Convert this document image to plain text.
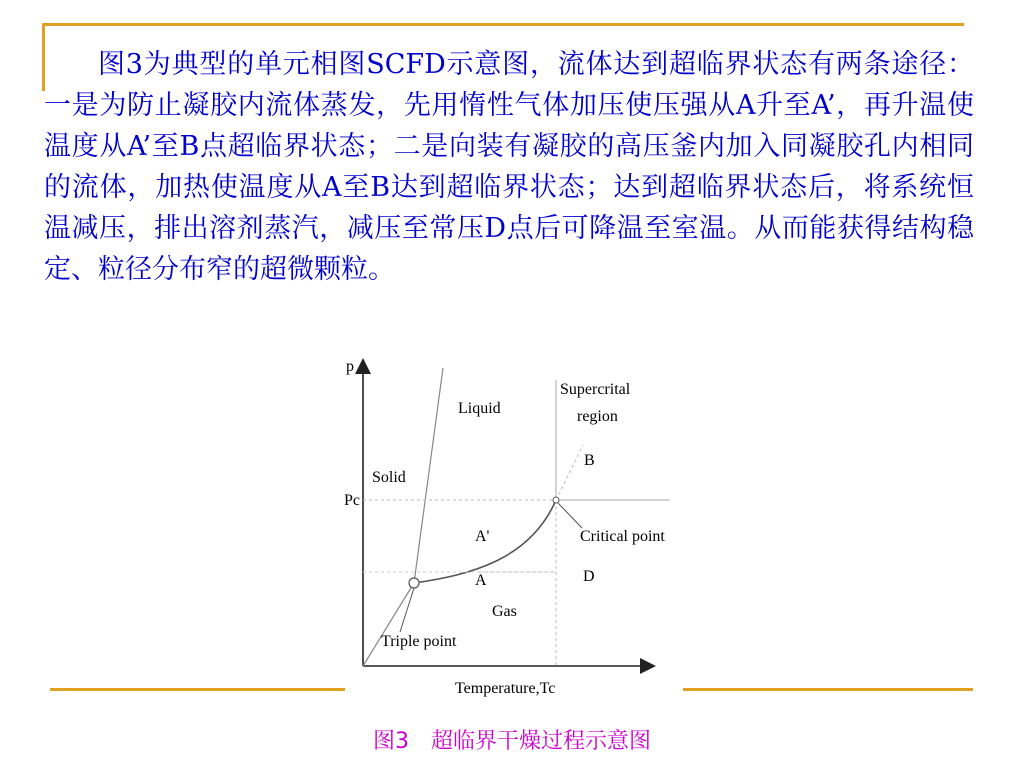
图3为典型的单元相图SCFD示意图，流体达到超临界状态有两条途径：一是为防止凝胶内流体蒸发，先用惰性气体加压使压强从A升至A’，再升温使温度从A’至B点超临界状态；二是向装有凝胶的高压釜内加入同凝胶孔内相同的流体，加热使温度从A至B达到超临界状态；达到超临界状态后，将系统恒温减压，排出溶剂蒸汽，减压至常压D点后可降温至室温。从而能获得结构稳定、粒径分布窄的超微颗粒。

p
Pc
Liquid
Solid
Gas
Supercrital
region
B
A'
A	D
Critical point
Triple point
Temperature,Tc
图3 超临界干燥过程示意图
